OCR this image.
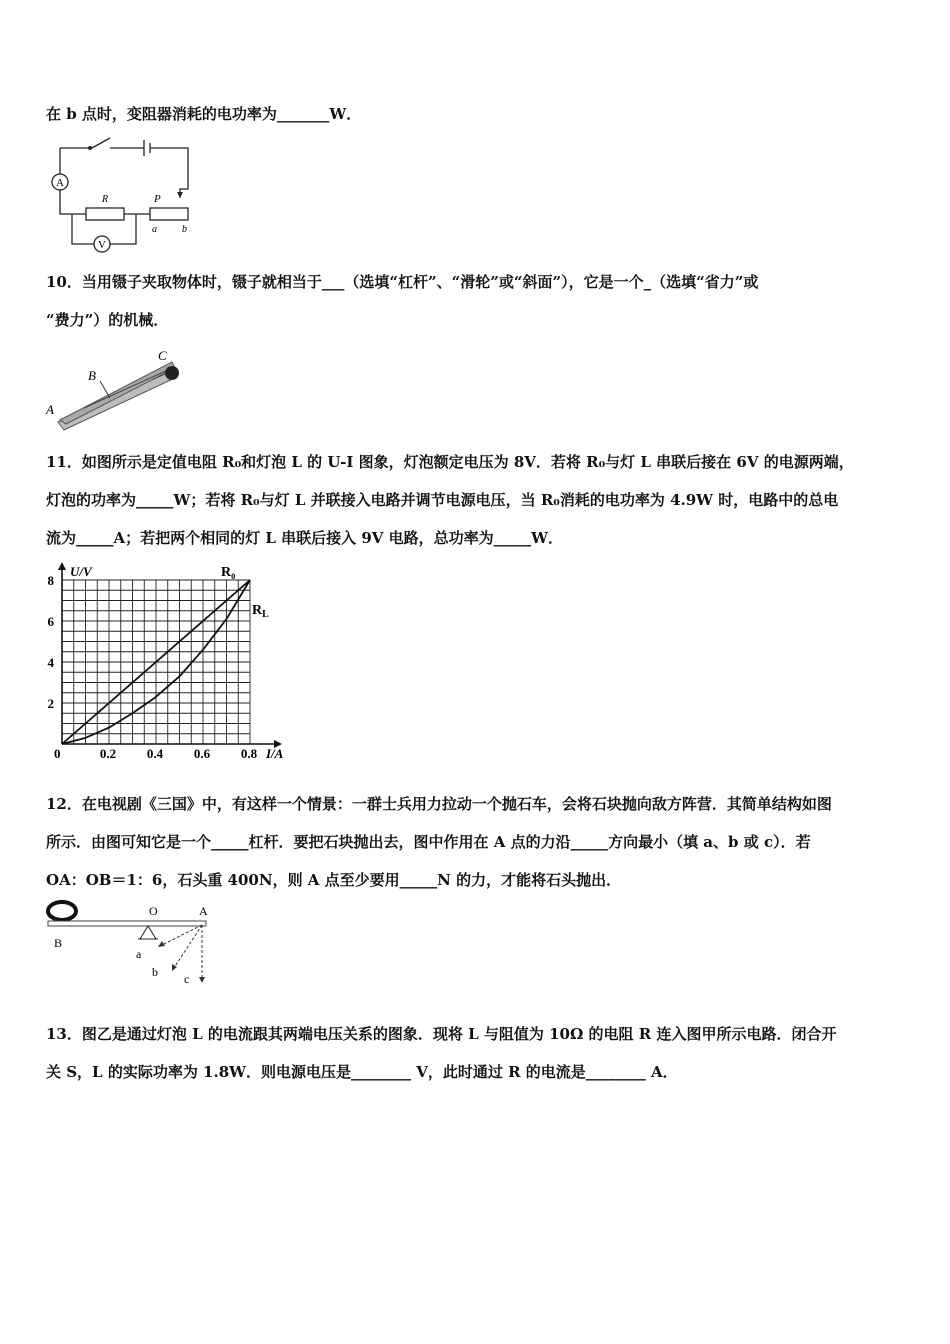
在 b 点时，变阻器消耗的电功率为_______W．
A
V
R	P
a	b
10．当用镊子夹取物体时，镊子就相当于___（选填“杠杆”、“滑轮”或“斜面”），它是一个_（选填“省力”或
“费力”）的机械．
B
C
A
11．如图所示是定值电阻 R₀和灯泡 L 的 U-I 图象，灯泡额定电压为 8V．若将 R₀与灯 L 串联后接在 6V 的电源两端，
灯泡的功率为_____W；若将 R₀与灯 L 并联接入电路并调节电源电压，当 R₀消耗的电功率为 4.9W 时，电路中的总电
流为_____A；若把两个相同的灯 L 串联后接入 9V 电路，总功率为_____W．
0	0.2 0.4 0.6 0.8
2
4
6
8
U/V
I/A
R₀
$R_L$
12．在电视剧《三国》中，有这样一个情景：一群士兵用力拉动一个抛石车，会将石块抛向敌方阵营．其简单结构如图
所示．由图可知它是一个_____杠杆．要把石块抛出去，图中作用在 A 点的力沿_____方向最小（填 a、b 或 c）．若
OA：OB＝1：6，石头重 400N，则 A 点至少要用_____N 的力，才能将石头抛出．
O	A
B
a
b c
13．图乙是通过灯泡 L 的电流跟其两端电压关系的图象．现将 L 与阻值为 10Ω 的电阻 R 连入图甲所示电路．闭合开
关 S，L 的实际功率为 1.8W．则电源电压是________ V，此时通过 R 的电流是________ A．
